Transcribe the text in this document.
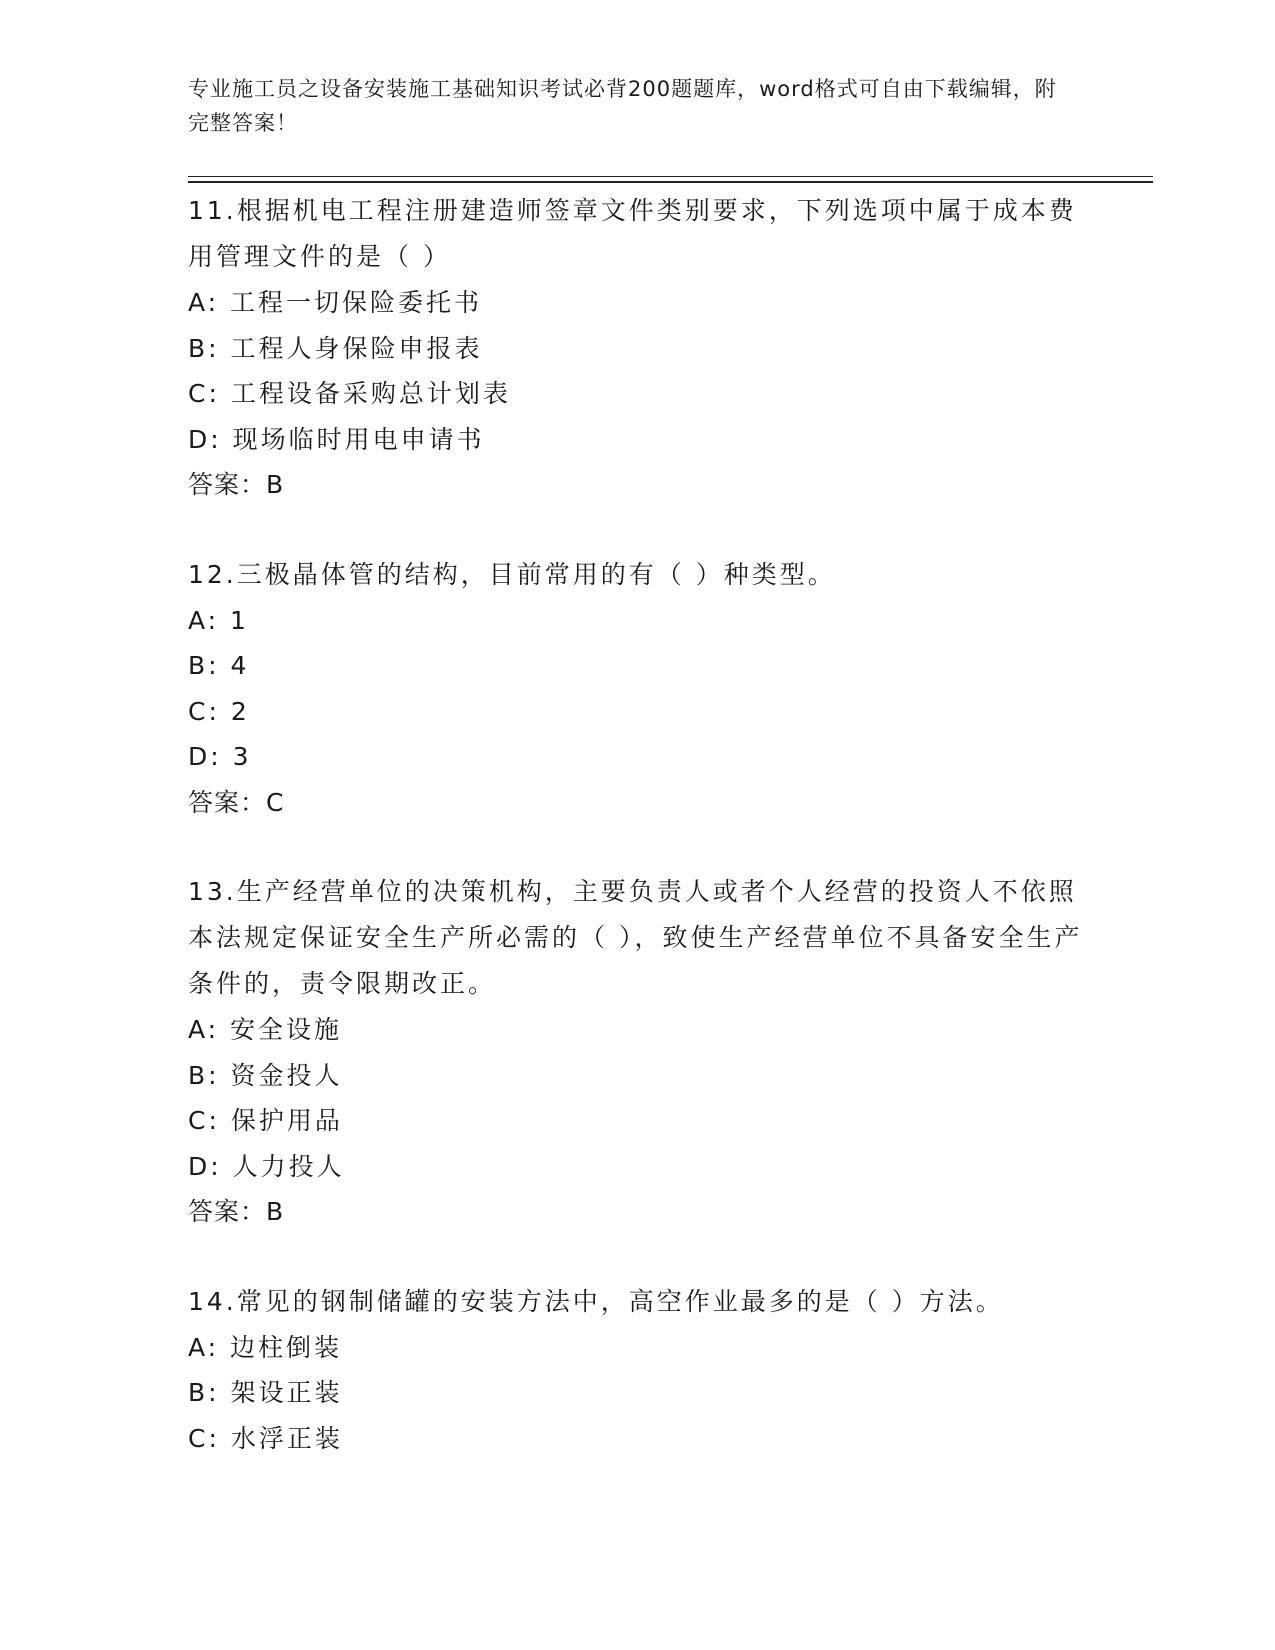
专业施工员之设备安装施工基础知识考试必背200题题库，word格式可自由下载编辑，附完整答案！
11.根据机电工程注册建造师签章文件类别要求，下列选项中属于成本费用管理文件的是（ ）
A: 工程一切保险委托书
B: 工程人身保险申报表
C: 工程设备采购总计划表
D: 现场临时用电申请书
答案：B
12.三极晶体管的结构，目前常用的有（ ）种类型。
A: 1
B: 4
C: 2
D: 3
答案：C
13.生产经营单位的决策机构，主要负责人或者个人经营的投资人不依照本法规定保证安全生产所必需的（ ），致使生产经营单位不具备安全生产条件的，责令限期改正。
A: 安全设施
B: 资金投人
C: 保护用品
D: 人力投人
答案：B
14.常见的钢制储罐的安装方法中，高空作业最多的是（ ）方法。
A: 边柱倒装
B: 架设正装
C: 水浮正装
